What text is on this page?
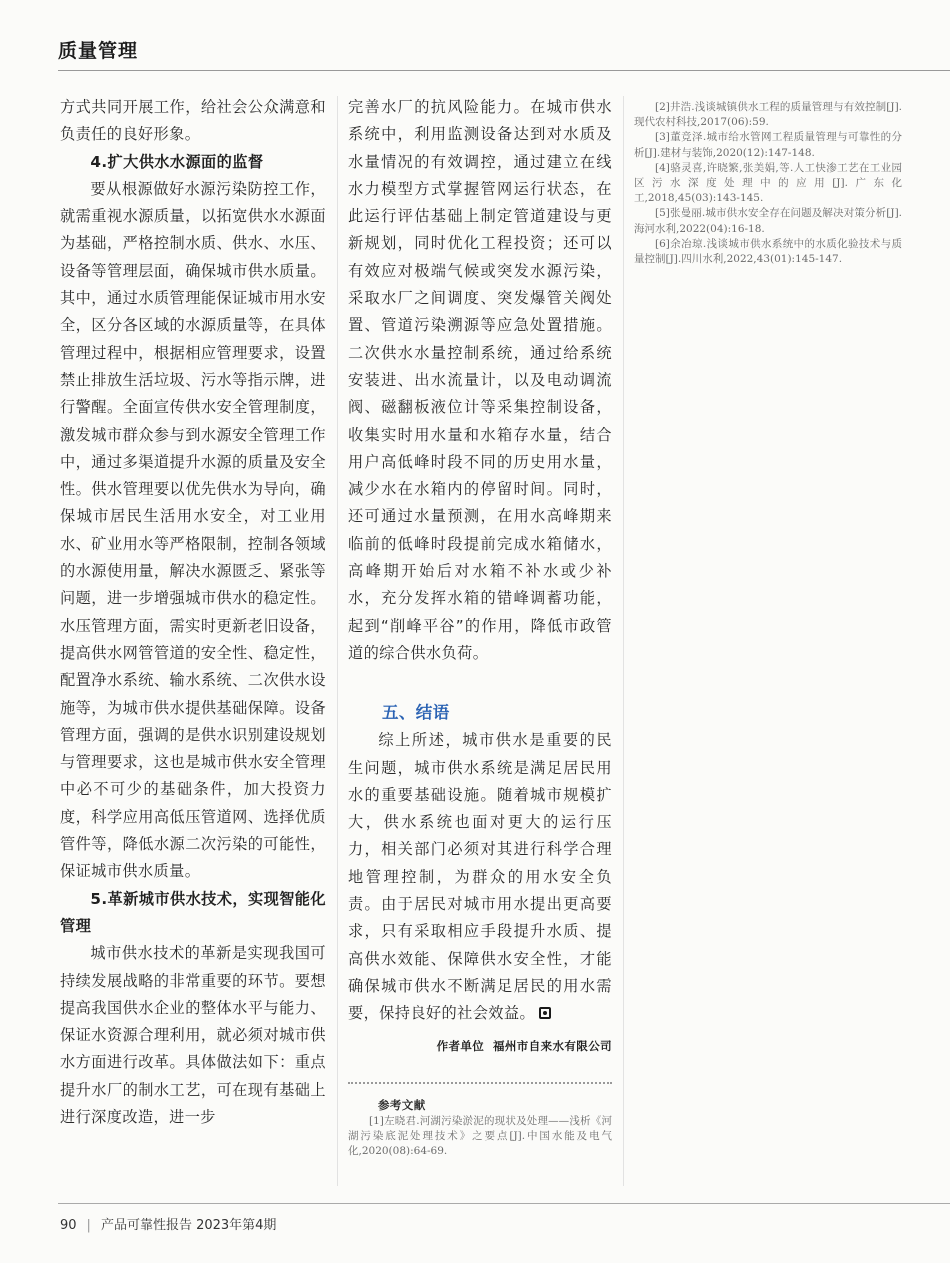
质量管理

方式共同开展工作，给社会公众满意和负责任的良好形象。

4.扩大供水水源面的监督

要从根源做好水源污染防控工作，就需重视水源质量，以拓宽供水水源面为基础，严格控制水质、供水、水压、设备等管理层面，确保城市供水质量。其中，通过水质管理能保证城市用水安全，区分各区域的水源质量等，在具体管理过程中，根据相应管理要求，设置禁止排放生活垃圾、污水等指示牌，进行警醒。全面宣传供水安全管理制度，激发城市群众参与到水源安全管理工作中，通过多渠道提升水源的质量及安全性。供水管理要以优先供水为导向，确保城市居民生活用水安全，对工业用水、矿业用水等严格限制，控制各领域的水源使用量，解决水源匮乏、紧张等问题，进一步增强城市供水的稳定性。水压管理方面，需实时更新老旧设备，提高供水网管管道的安全性、稳定性，配置净水系统、输水系统、二次供水设施等，为城市供水提供基础保障。设备管理方面，强调的是供水识别建设规划与管理要求，这也是城市供水安全管理中必不可少的基础条件，加大投资力度，科学应用高低压管道网、选择优质管件等，降低水源二次污染的可能性，保证城市供水质量。

5.革新城市供水技术，实现智能化管理

城市供水技术的革新是实现我国可持续发展战略的非常重要的环节。要想提高我国供水企业的整体水平与能力、保证水资源合理利用，就必须对城市供水方面进行改革。具体做法如下：重点提升水厂的制水工艺，可在现有基础上进行深度改造，进一步

完善水厂的抗风险能力。在城市供水系统中，利用监测设备达到对水质及水量情况的有效调控，通过建立在线水力模型方式掌握管网运行状态，在此运行评估基础上制定管道建设与更新规划，同时优化工程投资；还可以有效应对极端气候或突发水源污染，采取水厂之间调度、突发爆管关阀处置、管道污染溯源等应急处置措施。二次供水水量控制系统，通过给系统安装进、出水流量计，以及电动调流阀、磁翻板液位计等采集控制设备，收集实时用水量和水箱存水量，结合用户高低峰时段不同的历史用水量，减少水在水箱内的停留时间。同时，还可通过水量预测，在用水高峰期来临前的低峰时段提前完成水箱储水，高峰期开始后对水箱不补水或少补水，充分发挥水箱的错峰调蓄功能，起到“削峰平谷”的作用，降低市政管道的综合供水负荷。

五、结语

综上所述，城市供水是重要的民生问题，城市供水系统是满足居民用水的重要基础设施。随着城市规模扩大，供水系统也面对更大的运行压力，相关部门必须对其进行科学合理地管理控制，为群众的用水安全负责。由于居民对城市用水提出更高要求，只有采取相应手段提升水质、提高供水效能、保障供水安全性，才能确保城市供水不断满足居民的用水需要，保持良好的社会效益。

作者单位 福州市自来水有限公司
参考文献

[1]左晓君.河湖污染淤泥的现状及处理——浅析《河湖污染底泥处理技术》之要点[J].中国水能及电气化,2020(08):64-69.

[2]井浩.浅谈城镇供水工程的质量管理与有效控制[J].现代农村科技,2017(06):59.

[3]董竞泽.城市给水管网工程质量管理与可靠性的分析[J].建材与装饰,2020(12):147-148.

[4]骆灵喜,许晓繁,张美娟,等.人工快渗工艺在工业园区污水深度处理中的应用[J].广东化工,2018,45(03):143-145.

[5]张曼丽.城市供水安全存在问题及解决对策分析[J].海河水利,2022(04):16-18.

[6]余冶琼.浅谈城市供水系统中的水质化验技术与质量控制[J].四川水利,2022,43(01):145-147.

90 | 产品可靠性报告 2023年第4期
